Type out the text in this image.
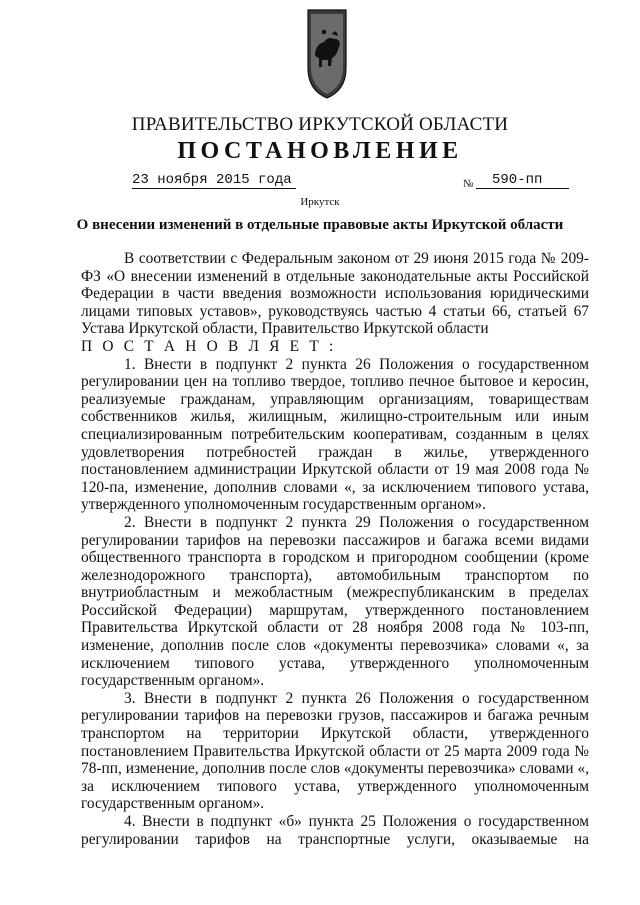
ПРАВИТЕЛЬСТВО ИРКУТСКОЙ ОБЛАСТИ
ПОСТАНОВЛЕНИЕ
23 ноября 2015 года	№	590-пп
Иркутск
О внесении изменений в отдельные правовые акты Иркутской области

В соответствии с Федеральным законом от 29 июня 2015 года № 209-ФЗ «О внесении изменений в отдельные законодательные акты Российской Федерации в части введения возможности использования юридическими лицами типовых уставов», руководствуясь частью 4 статьи 66, статьей 67 Устава Иркутской области, Правительство Иркутской области

П О С Т А Н О В Л Я Е Т :

1. Внести в подпункт 2 пункта 26 Положения о государственном регулировании цен на топливо твердое, топливо печное бытовое и керосин, реализуемые гражданам, управляющим организациям, товариществам собственников жилья, жилищным, жилищно-строительным или иным специализированным потребительским кооперативам, созданным в целях удовлетворения потребностей граждан в жилье, утвержденного постановлением администрации Иркутской области от 19 мая 2008 года № 120-па, изменение, дополнив словами «, за исключением типового устава, утвержденного уполномоченным государственным органом».

2. Внести в подпункт 2 пункта 29 Положения о государственном регулировании тарифов на перевозки пассажиров и багажа всеми видами общественного транспорта в городском и пригородном сообщении (кроме железнодорожного транспорта), автомобильным транспортом по внутриобластным и межобластным (межреспубликанским в пределах Российской Федерации) маршрутам, утвержденного постановлением Правительства Иркутской области от 28 ноября 2008 года № 103-пп, изменение, дополнив после слов «документы перевозчика» словами «, за исключением типового устава, утвержденного уполномоченным государственным органом».

3. Внести в подпункт 2 пункта 26 Положения о государственном регулировании тарифов на перевозки грузов, пассажиров и багажа речным транспортом на территории Иркутской области, утвержденного постановлением Правительства Иркутской области от 25 марта 2009 года № 78-пп, изменение, дополнив после слов «документы перевозчика» словами «, за исключением типового устава, утвержденного уполномоченным государственным органом».

4. Внести в подпункт «б» пункта 25 Положения о государственном регулировании тарифов на транспортные услуги, оказываемые на
